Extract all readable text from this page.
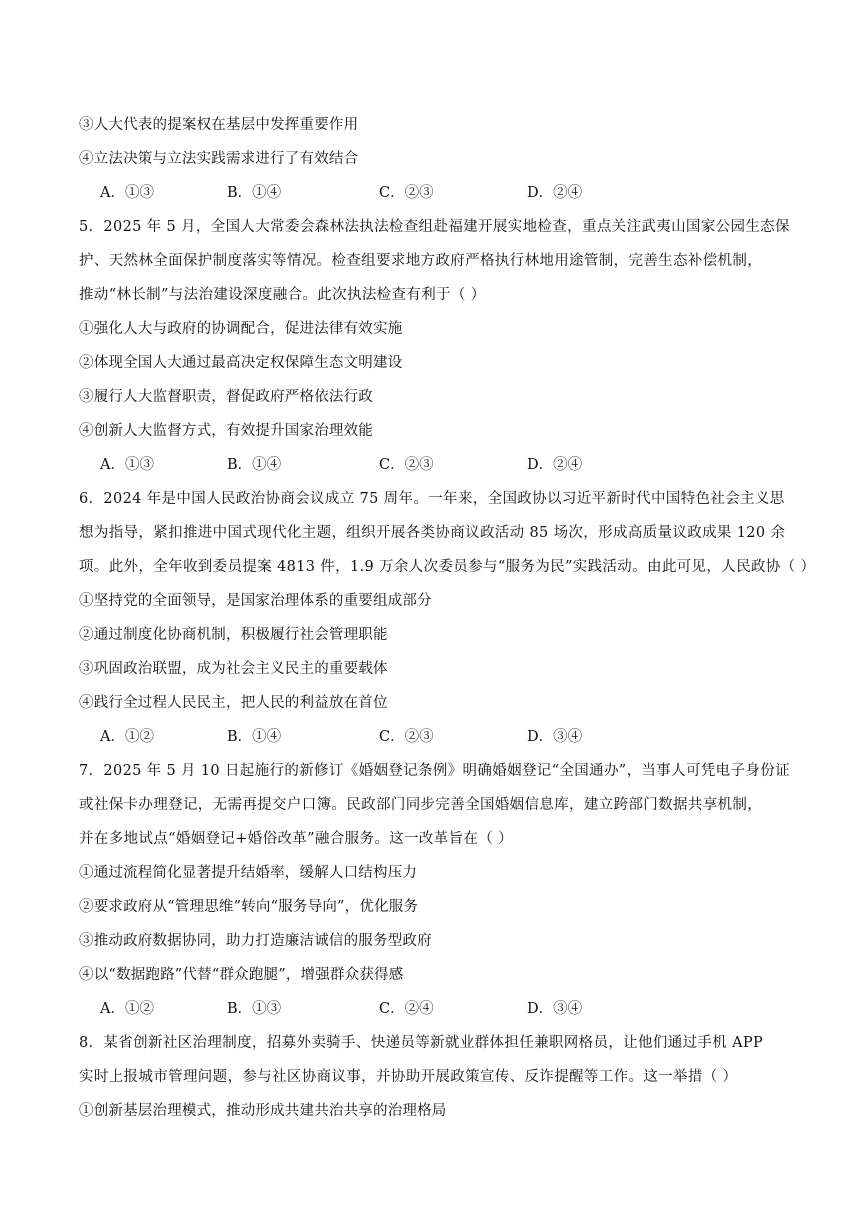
③人大代表的提案权在基层中发挥重要作用
④立法决策与立法实践需求进行了有效结合
A．①③	B．①④	C．②③	D．②④
5．2025 年 5 月，全国人大常委会森林法执法检查组赴福建开展实地检查，重点关注武夷山国家公园生态保
护、天然林全面保护制度落实等情况。检查组要求地方政府严格执行林地用途管制，完善生态补偿机制，
推动“林长制”与法治建设深度融合。此次执法检查有利于（ ）
①强化人大与政府的协调配合，促进法律有效实施
②体现全国人大通过最高决定权保障生态文明建设
③履行人大监督职责，督促政府严格依法行政
④创新人大监督方式，有效提升国家治理效能
A．①③	B．①④	C．②③	D．②④
6．2024 年是中国人民政治协商会议成立 75 周年。一年来，全国政协以习近平新时代中国特色社会主义思
想为指导，紧扣推进中国式现代化主题，组织开展各类协商议政活动 85 场次，形成高质量议政成果 120 余
项。此外，全年收到委员提案 4813 件，1.9 万余人次委员参与“服务为民”实践活动。由此可见，人民政协（ ）
①坚持党的全面领导，是国家治理体系的重要组成部分
②通过制度化协商机制，积极履行社会管理职能
③巩固政治联盟，成为社会主义民主的重要载体
④践行全过程人民民主，把人民的利益放在首位
A．①②	B．①④	C．②③	D．③④
7．2025 年 5 月 10 日起施行的新修订《婚姻登记条例》明确婚姻登记“全国通办”，当事人可凭电子身份证
或社保卡办理登记，无需再提交户口簿。民政部门同步完善全国婚姻信息库，建立跨部门数据共享机制，
并在多地试点“婚姻登记+婚俗改革”融合服务。这一改革旨在（ ）
①通过流程简化显著提升结婚率，缓解人口结构压力
②要求政府从“管理思维”转向“服务导向”，优化服务
③推动政府数据协同，助力打造廉洁诚信的服务型政府
④以“数据跑路”代替“群众跑腿”，增强群众获得感
A．①②	B．①③	C．②④	D．③④
8．某省创新社区治理制度，招募外卖骑手、快递员等新就业群体担任兼职网格员，让他们通过手机 APP
实时上报城市管理问题，参与社区协商议事，并协助开展政策宣传、反诈提醒等工作。这一举措（ ）
①创新基层治理模式，推动形成共建共治共享的治理格局
